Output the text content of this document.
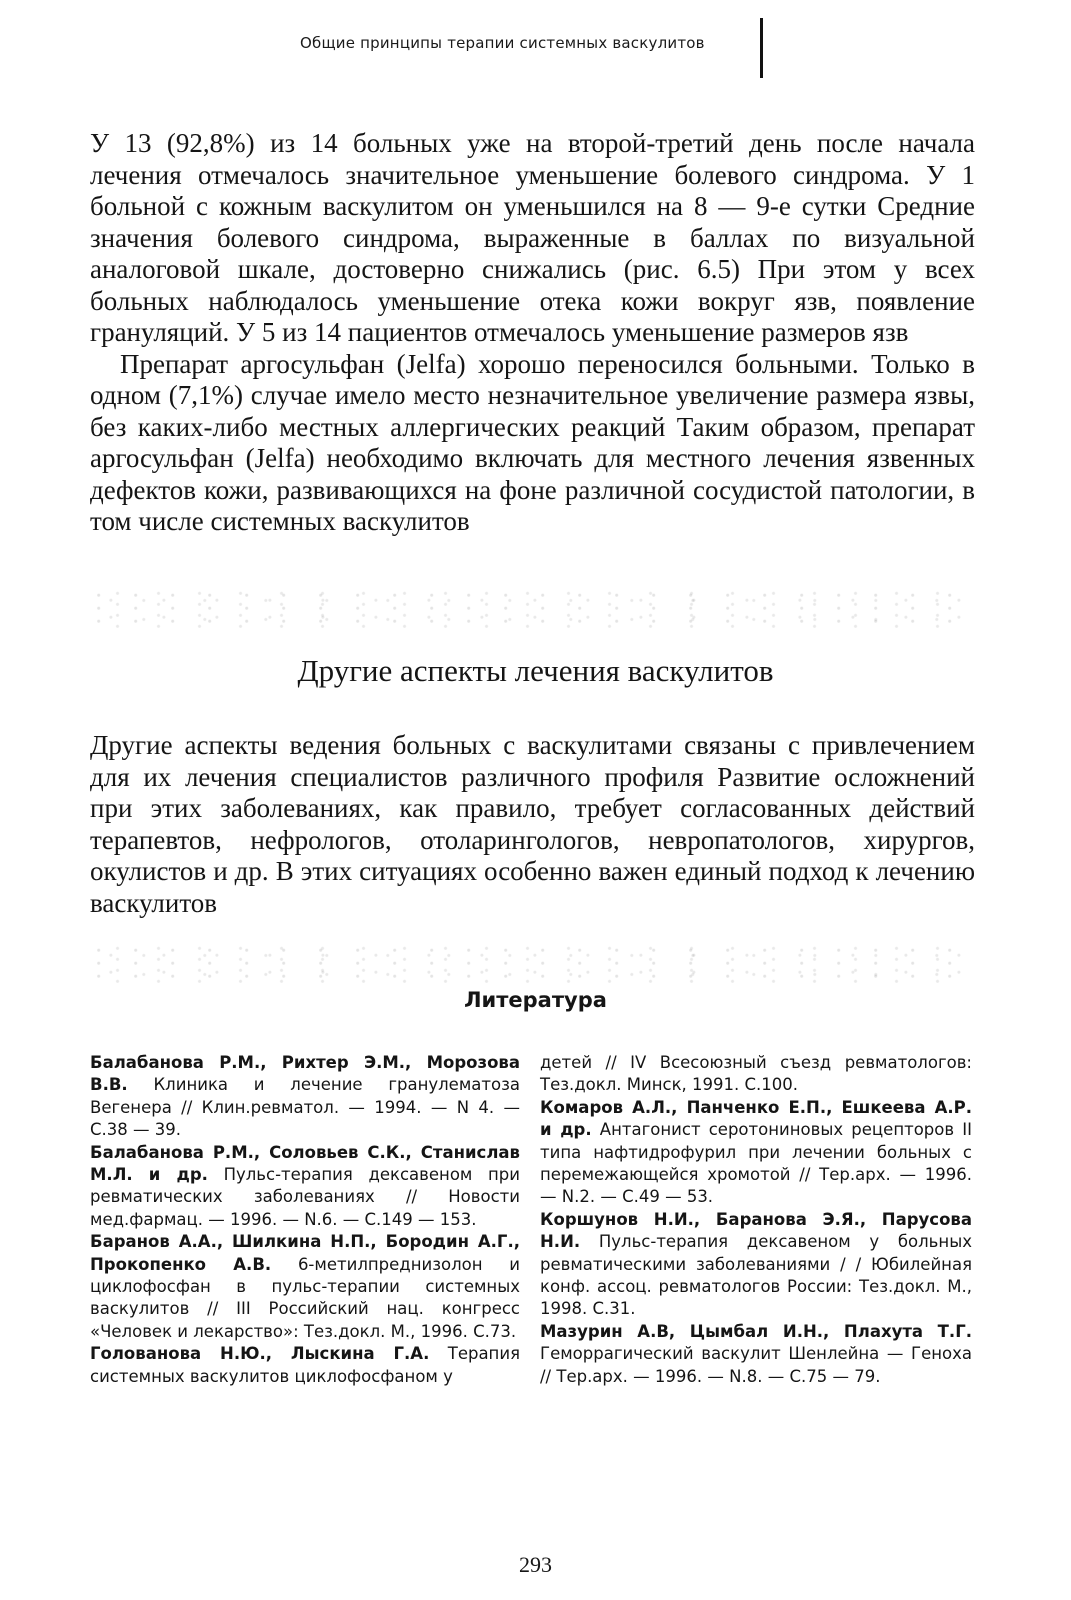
Общие принципы терапии системных васкулитов

У 13 (92,8%) из 14 больных уже на второй-третий день после начала лечения отмечалось значительное уменьшение болевого синдрома. У 1 больной с кожным васкулитом он уменьшился на 8 — 9-е сутки Средние значения болевого синдрома, выраженные в баллах по визуальной аналоговой шкале, достоверно снижались (рис. 6.5) При этом у всех больных наблюдалось уменьшение отека кожи вокруг язв, появление грануляций. У 5 из 14 пациентов отмечалось уменьшение размеров язв

Препарат аргосульфан (Jelfa) хорошо переносился больными. Только в одном (7,1%) случае имело место незначительное увеличение размера язвы, без каких-либо местных аллергических реакций Таким образом, препарат аргосульфан (Jelfa) необходимо включать для местного лечения язвенных дефектов кожи, развивающихся на фоне различной сосудистой патологии, в том числе системных васкулитов

Другие аспекты лечения васкулитов

Другие аспекты ведения больных с васкулитами связаны с привлечением для их лечения специалистов различного профиля Развитие осложнений при этих заболеваниях, как правило, требует согласованных действий терапевтов, нефрологов, отоларингологов, невропатологов, хирургов, окулистов и др. В этих ситуациях особенно важен единый подход к лечению васкулитов

Литература

Балабанова Р.М., Рихтер Э.М., Морозова В.В. Клиника и лечение гранулематоза Вегенера // Клин.ревматол. — 1994. — N 4. — С.38 — 39.

Балабанова Р.М., Соловьев С.К., Станислав М.Л. и др. Пульс-терапия дексавеном при ревматических заболеваниях // Новости мед.фармац. — 1996. — N.6. — С.149 — 153.

Баранов А.А., Шилкина Н.П., Бородин А.Г., Прокопенко А.В. 6-метилпреднизолон и циклофосфан в пульс-терапии системных васкулитов // III Российский нац. конгресс «Человек и лекарство»: Тез.докл. М., 1996. С.73.

Голованова Н.Ю., Лыскина Г.А. Терапия системных васкулитов циклофосфаном у

детей // IV Всесоюзный съезд ревматологов: Тез.докл. Минск, 1991. С.100.

Комаров А.Л., Панченко Е.П., Ешкеева А.Р. и др. Антагонист серотониновых рецепторов II типа нафтидрофурил при лечении больных с перемежающейся хромотой // Тер.арх. — 1996. — N.2. — С.49 — 53.

Коршунов Н.И., Баранова Э.Я., Парусова Н.И. Пульс-терапия дексавеном у больных ревматическими заболеваниями / / Юбилейная конф. ассоц. ревматологов России: Тез.докл. М., 1998. С.31.

Мазурин А.В, Цымбал И.Н., Плахута Т.Г. Геморрагический васкулит Шенлейна — Геноха // Тер.арх. — 1996. — N.8. — С.75 — 79.

293
